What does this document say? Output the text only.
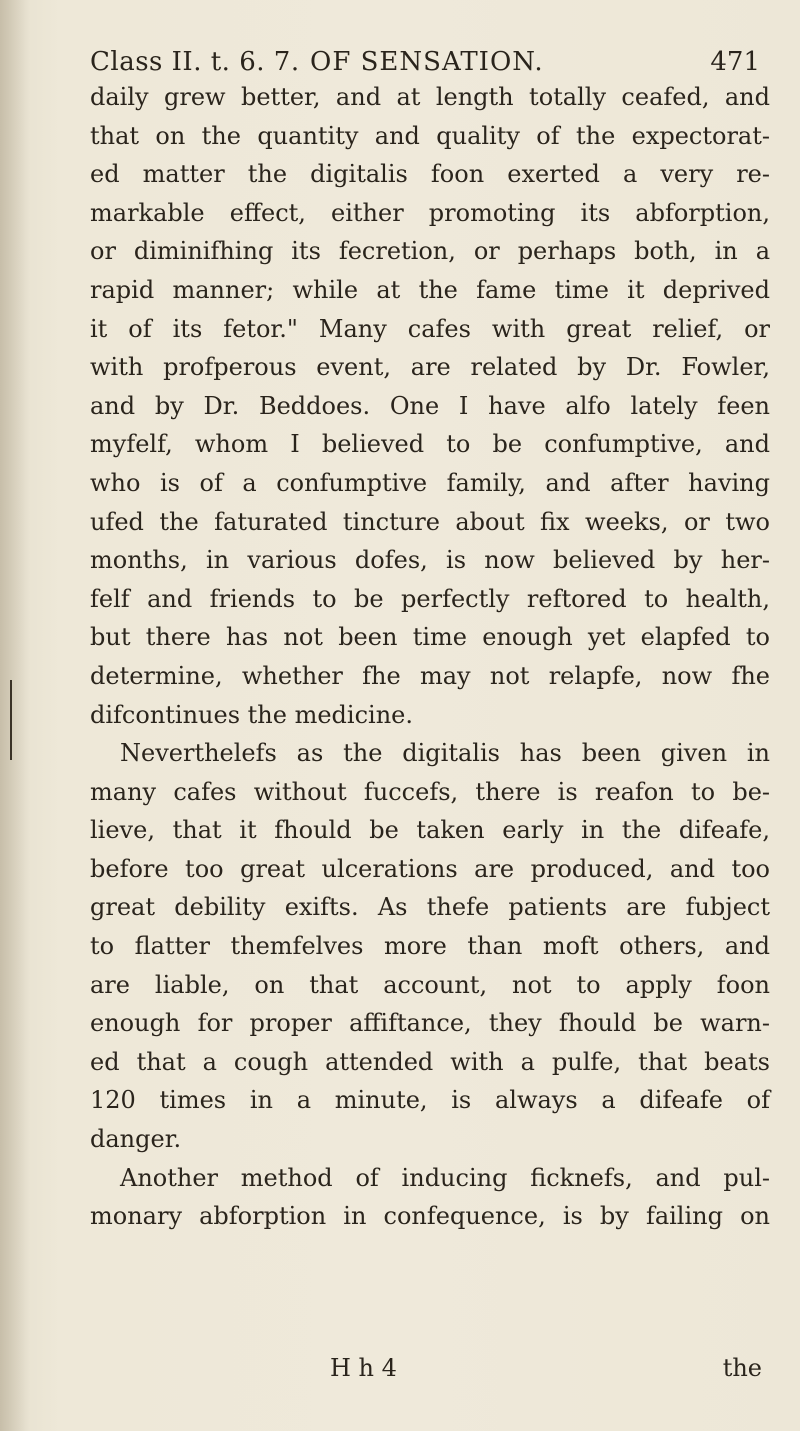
Class II. t. 6. 7. OF SENSATION.	471
daily grew better, and at length totally ceafed, and
that on the quantity and quality of the expectorat-
ed matter the digitalis foon exerted a very re-
markable effect, either promoting its abforption,
or diminifhing its fecretion, or perhaps both, in a
rapid manner; while at the fame time it deprived
it of its fetor." Many cafes with great relief, or
with profperous event, are related by Dr. Fowler,
and by Dr. Beddoes. One I have alfo lately feen
myfelf, whom I believed to be confumptive, and
who is of a confumptive family, and after having
ufed the faturated tincture about fix weeks, or two
months, in various dofes, is now believed by her-
felf and friends to be perfectly reftored to health,
but there has not been time enough yet elapfed to
determine, whether fhe may not relapfe, now fhe
difcontinues the medicine.
Neverthelefs as the digitalis has been given in
many cafes without fuccefs, there is reafon to be-
lieve, that it fhould be taken early in the difeafe,
before too great ulcerations are produced, and too
great debility exifts. As thefe patients are fubject
to flatter themfelves more than moft others, and
are liable, on that account, not to apply foon
enough for proper affiftance, they fhould be warn-
ed that a cough attended with a pulfe, that beats
120 times in a minute, is always a difeafe of
danger.
Another method of inducing ficknefs, and pul-
monary abforption in confequence, is by failing on
H h 4	the
